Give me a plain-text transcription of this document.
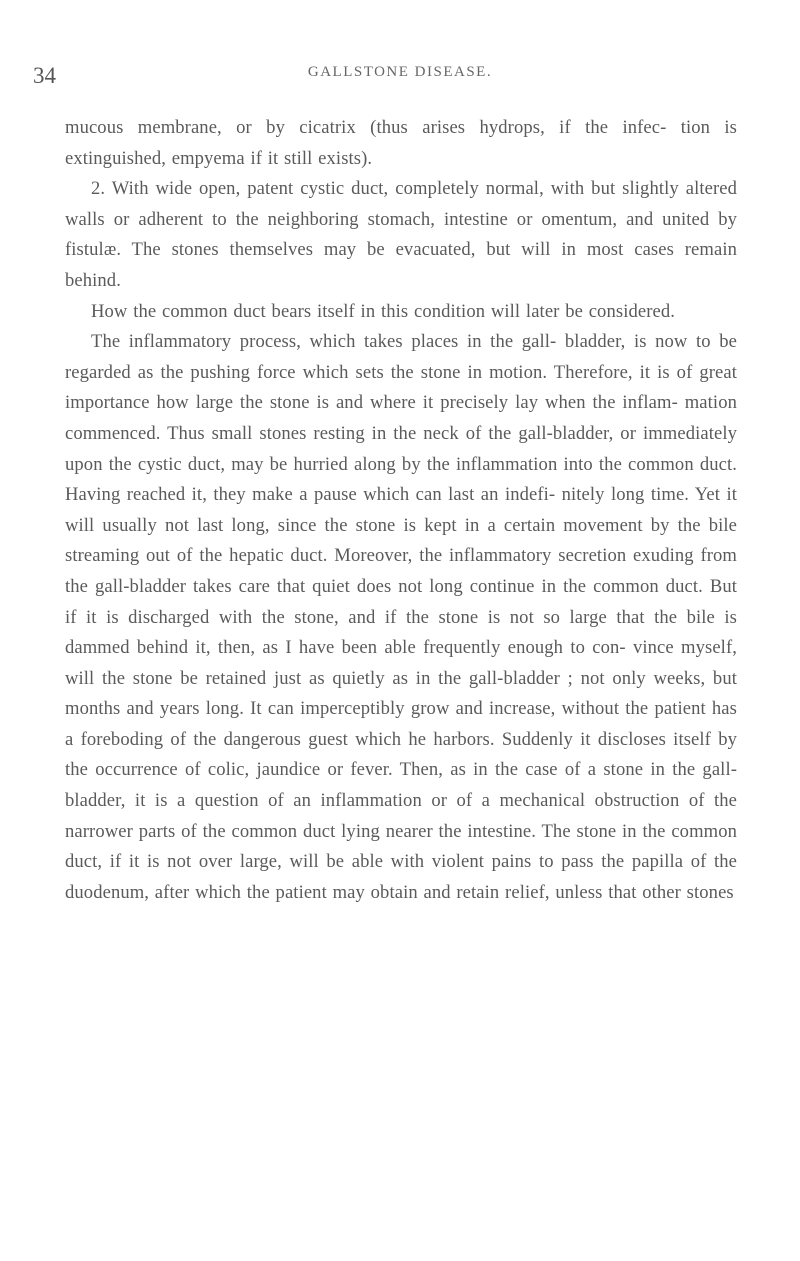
34	GALLSTONE DISEASE.

mucous membrane, or by cicatrix (thus arises hydrops, if the infec- tion is extinguished, empyema if it still exists).

2. With wide open, patent cystic duct, completely normal, with but slightly altered walls or adherent to the neighboring stomach, intestine or omentum, and united by fistulæ. The stones themselves may be evacuated, but will in most cases remain behind.

How the common duct bears itself in this condition will later be considered.

The inflammatory process, which takes places in the gall- bladder, is now to be regarded as the pushing force which sets the stone in motion. Therefore, it is of great importance how large the stone is and where it precisely lay when the inflam- mation commenced. Thus small stones resting in the neck of the gall-bladder, or immediately upon the cystic duct, may be hurried along by the inflammation into the common duct. Having reached it, they make a pause which can last an indefi- nitely long time. Yet it will usually not last long, since the stone is kept in a certain movement by the bile streaming out of the hepatic duct. Moreover, the inflammatory secretion exuding from the gall-bladder takes care that quiet does not long continue in the common duct. But if it is discharged with the stone, and if the stone is not so large that the bile is dammed behind it, then, as I have been able frequently enough to con- vince myself, will the stone be retained just as quietly as in the gall-bladder ; not only weeks, but months and years long. It can imperceptibly grow and increase, without the patient has a foreboding of the dangerous guest which he harbors. Suddenly it discloses itself by the occurrence of colic, jaundice or fever. Then, as in the case of a stone in the gall-bladder, it is a question of an inflammation or of a mechanical obstruction of the narrower parts of the common duct lying nearer the intestine. The stone in the common duct, if it is not over large, will be able with violent pains to pass the papilla of the duodenum, after which the patient may obtain and retain relief, unless that other stones
